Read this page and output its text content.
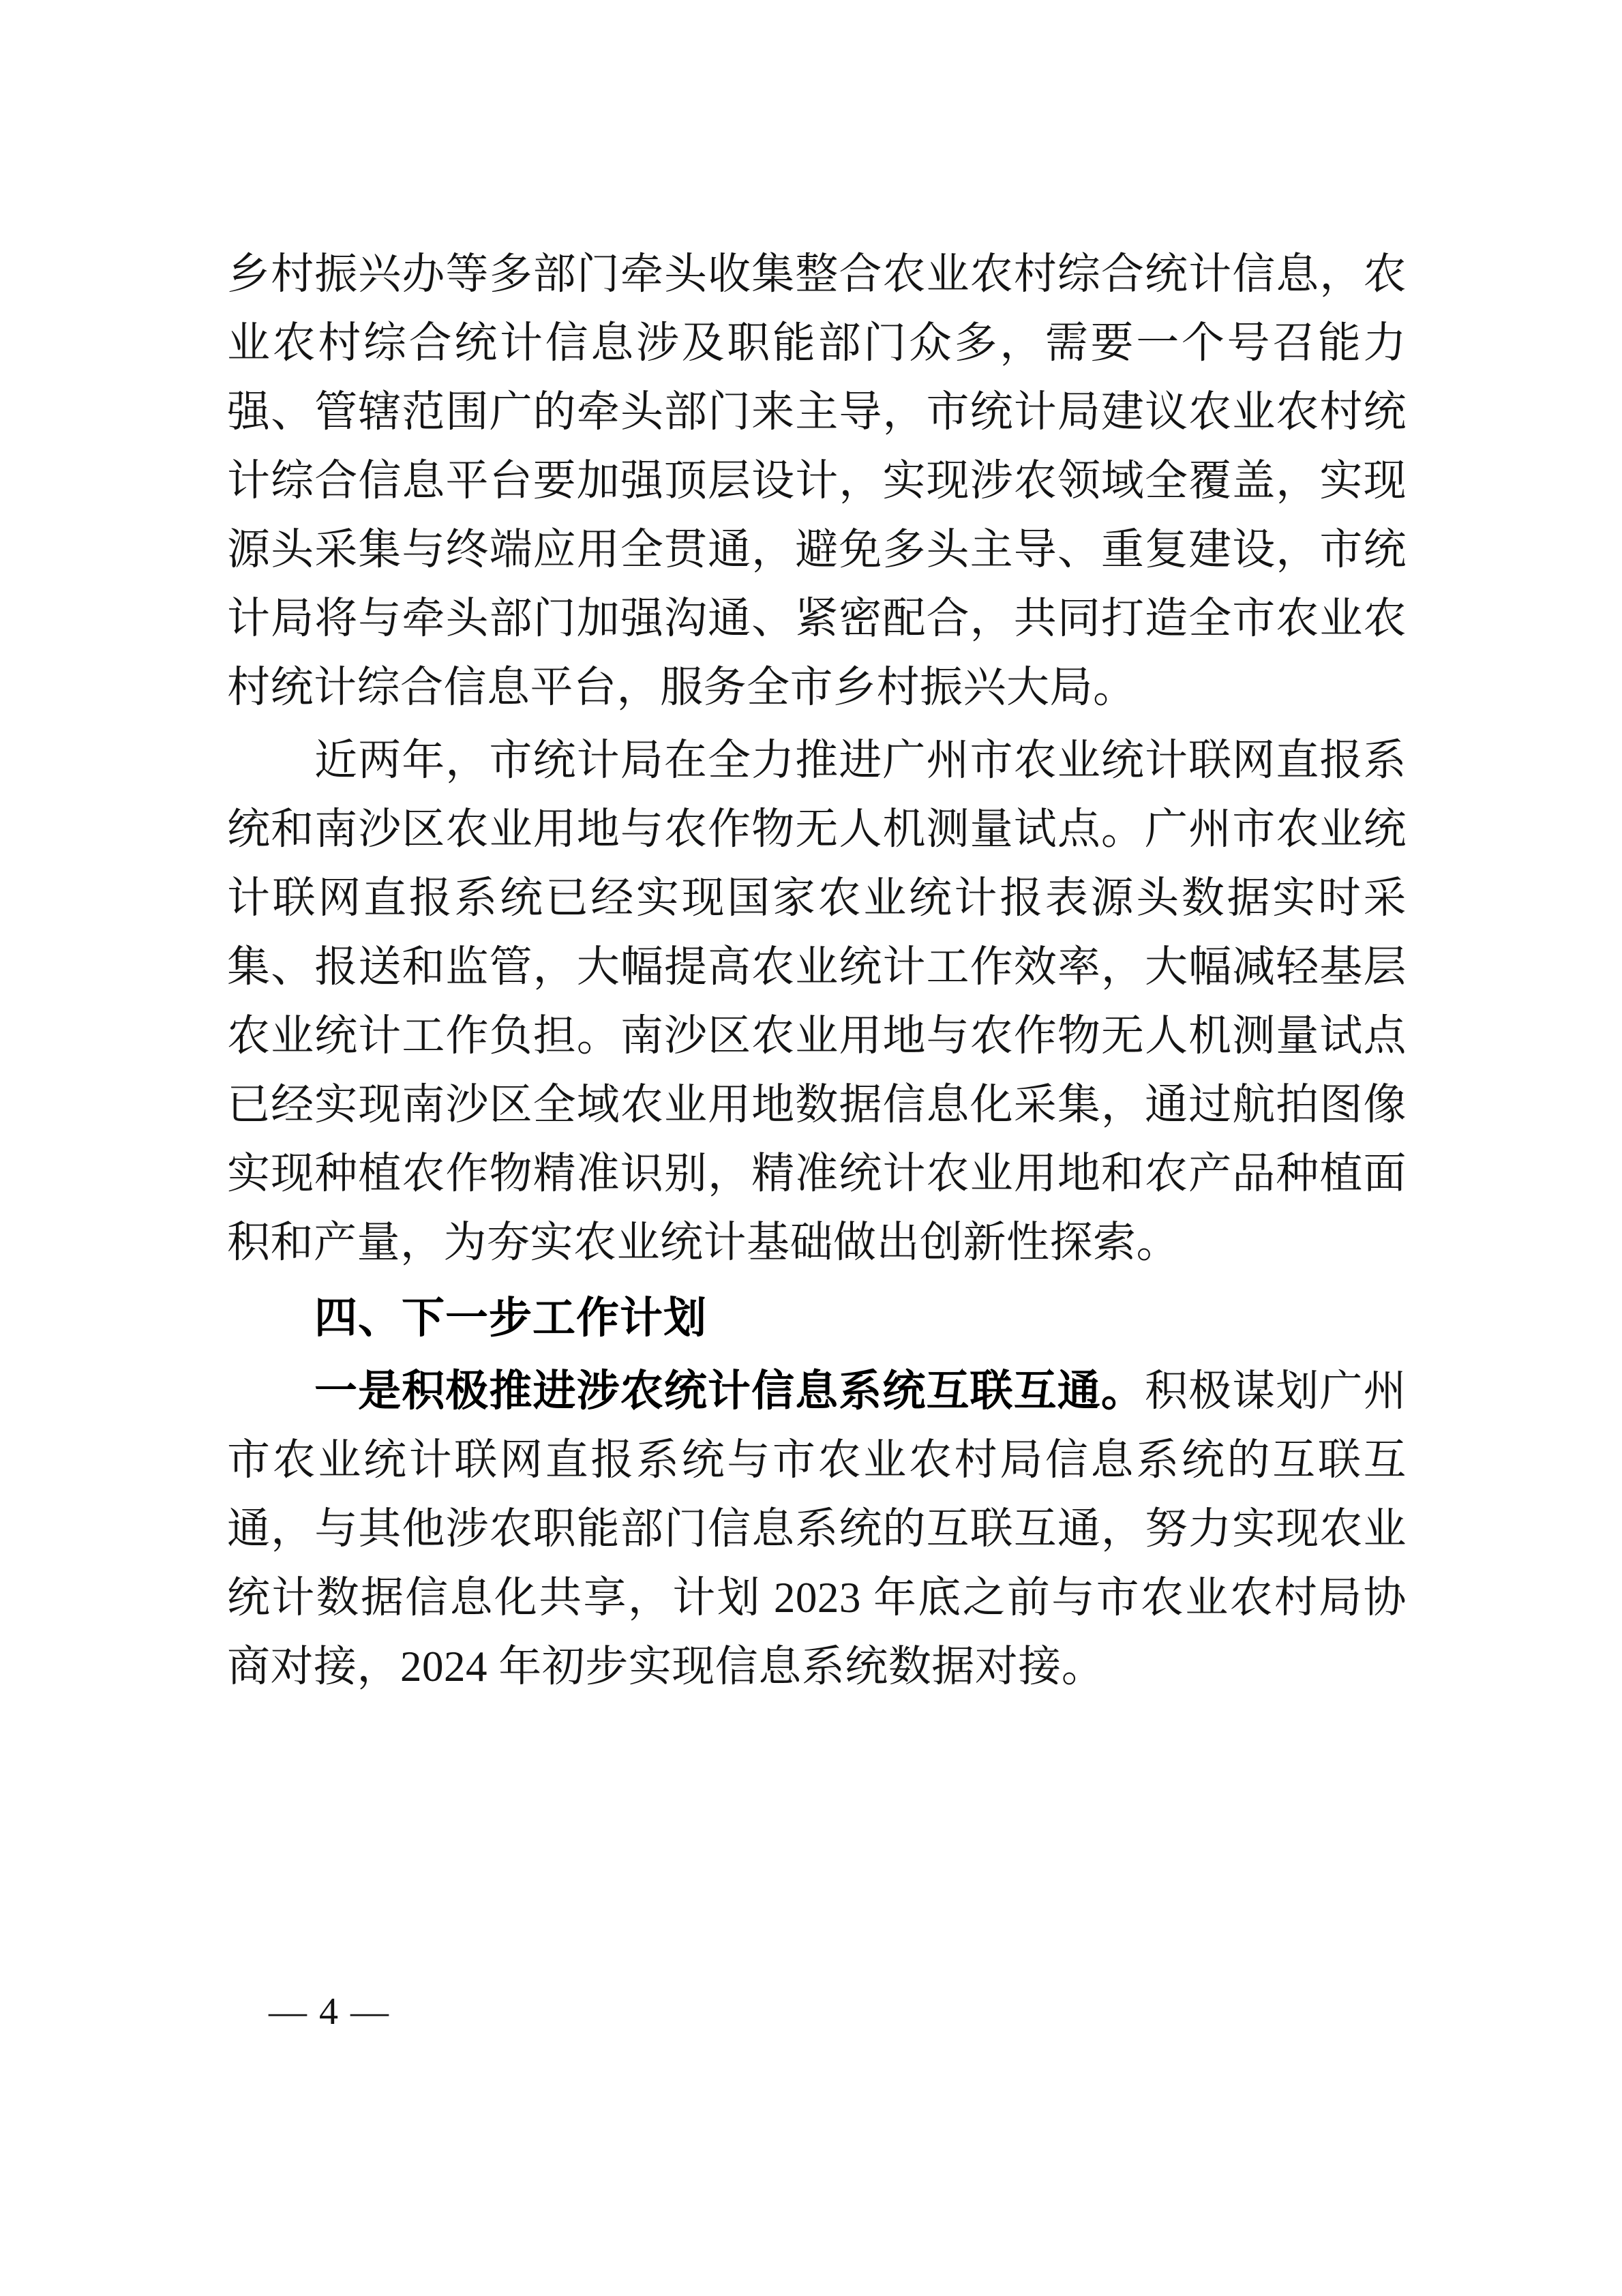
乡村振兴办等多部门牵头收集整合农业农村综合统计信息，农业农村综合统计信息涉及职能部门众多，需要一个号召能力强、管辖范围广的牵头部门来主导，市统计局建议农业农村统计综合信息平台要加强顶层设计，实现涉农领域全覆盖，实现源头采集与终端应用全贯通，避免多头主导、重复建设，市统计局将与牵头部门加强沟通、紧密配合，共同打造全市农业农村统计综合信息平台，服务全市乡村振兴大局。

近两年，市统计局在全力推进广州市农业统计联网直报系统和南沙区农业用地与农作物无人机测量试点。广州市农业统计联网直报系统已经实现国家农业统计报表源头数据实时采集、报送和监管，大幅提高农业统计工作效率，大幅减轻基层农业统计工作负担。南沙区农业用地与农作物无人机测量试点已经实现南沙区全域农业用地数据信息化采集，通过航拍图像实现种植农作物精准识别，精准统计农业用地和农产品种植面积和产量，为夯实农业统计基础做出创新性探索。

四、下一步工作计划

一是积极推进涉农统计信息系统互联互通。积极谋划广州市农业统计联网直报系统与市农业农村局信息系统的互联互通，与其他涉农职能部门信息系统的互联互通，努力实现农业统计数据信息化共享，计划 2023 年底之前与市农业农村局协商对接，2024 年初步实现信息系统数据对接。

— 4 —
